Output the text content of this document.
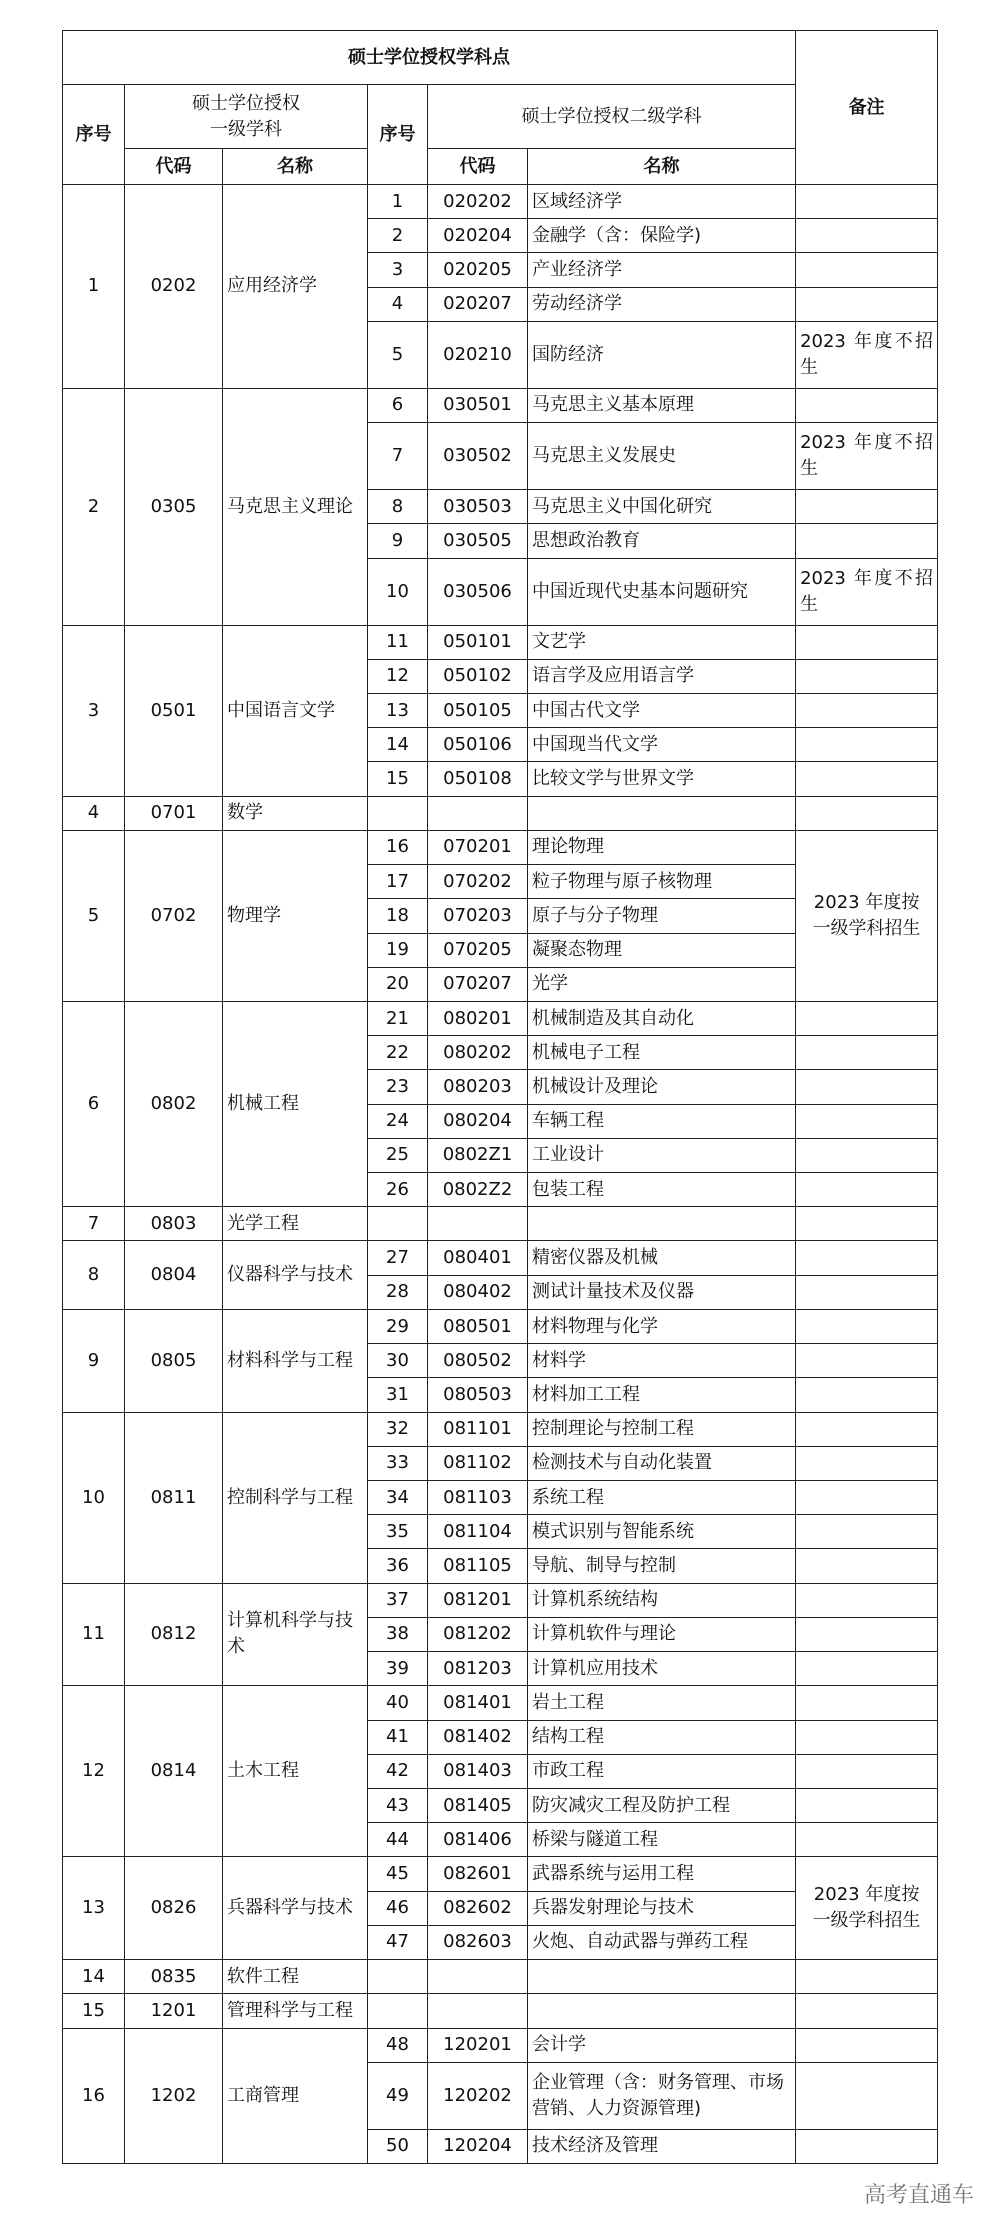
硕士学位授权学科点						备注
序号	硕士学位授权
一级学科		序号	硕士学位授权二级学科		
	代码	名称		代码	名称	
1	0202	应用经济学	1	020202	区域经济学	
			2	020204	金融学（含：保险学)	
			3	020205	产业经济学	
			4	020207	劳动经济学	
			5	020210	国防经济	2023 年度不招生
2	0305	马克思主义理论	6	030501	马克思主义基本原理	
			7	030502	马克思主义发展史	2023 年度不招生
			8	030503	马克思主义中国化研究	
			9	030505	思想政治教育	
			10	030506	中国近现代史基本问题研究	2023 年度不招生
3	0501	中国语言文学	11	050101	文艺学	
			12	050102	语言学及应用语言学	
			13	050105	中国古代文学	
			14	050106	中国现当代文学	
			15	050108	比较文学与世界文学	
4	0701	数学				
5	0702	物理学	16	070201	理论物理	2023 年度按一级学科招生
			17	070202	粒子物理与原子核物理	
			18	070203	原子与分子物理	
			19	070205	凝聚态物理	
			20	070207	光学	
6	0802	机械工程	21	080201	机械制造及其自动化	
			22	080202	机械电子工程	
			23	080203	机械设计及理论	
			24	080204	车辆工程	
			25	0802Z1	工业设计	
			26	0802Z2	包装工程	
7	0803	光学工程				
8	0804	仪器科学与技术	27	080401	精密仪器及机械	
			28	080402	测试计量技术及仪器	
9	0805	材料科学与工程	29	080501	材料物理与化学	
			30	080502	材料学	
			31	080503	材料加工工程	
10	0811	控制科学与工程	32	081101	控制理论与控制工程	
			33	081102	检测技术与自动化装置	
			34	081103	系统工程	
			35	081104	模式识别与智能系统	
			36	081105	导航、制导与控制	
11	0812	计算机科学与技术	37	081201	计算机系统结构	
			38	081202	计算机软件与理论	
			39	081203	计算机应用技术	
12	0814	土木工程	40	081401	岩土工程	
			41	081402	结构工程	
			42	081403	市政工程	
			43	081405	防灾减灾工程及防护工程	
			44	081406	桥梁与隧道工程	
13	0826	兵器科学与技术	45	082601	武器系统与运用工程	2023 年度按一级学科招生
			46	082602	兵器发射理论与技术	
			47	082603	火炮、自动武器与弹药工程	
14	0835	软件工程				
15	1201	管理科学与工程				
16	1202	工商管理	48	120201	会计学	
			49	120202	企业管理（含：财务管理、市场营销、人力资源管理)	
			50	120204	技术经济及管理	
高考直通车
